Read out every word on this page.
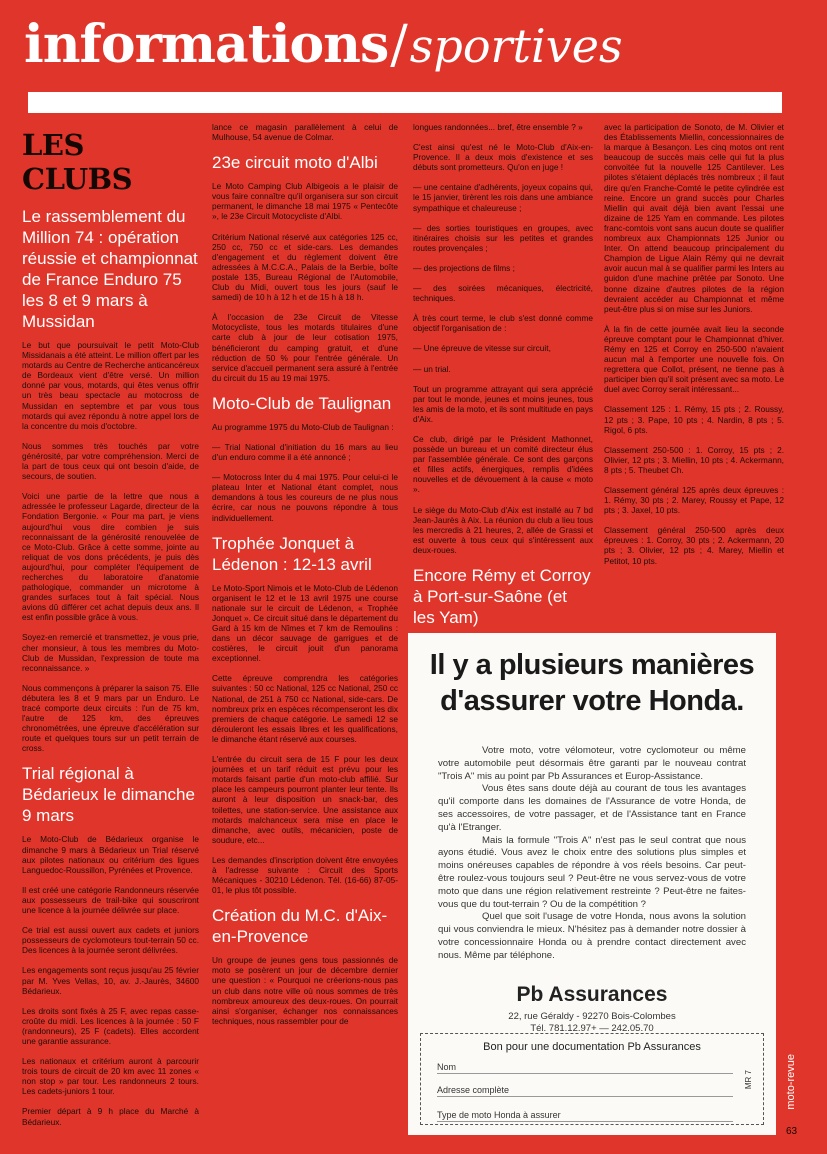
informations/sportives
LES CLUBS
Le rassemblement du Million 74 : opération réussie et championnat de France Enduro 75 les 8 et 9 mars à Mussidan
Le but que poursuivait le petit Moto-Club Missidanais a été atteint. Le million offert par les motards au Centre de Recherche anticancéreux de Bordeaux vient d'être versé. Un million donné par vous, motards, qui êtes venus offrir un très beau spectacle au motocross de Mussidan en septembre et par vous tous motards qui avez répondu à notre appel lors de la concentre du mois d'octobre.
Nous sommes très touchés par votre générosité, par votre compréhension. Merci de la part de tous ceux qui ont besoin d'aide, de secours, de soutien.
Voici une partie de la lettre que nous a adressée le professeur Lagarde, directeur de la Fondation Bergonie. « Pour ma part, je viens aujourd'hui vous dire combien je suis reconnaissant de la générosité renouvelée de ce Moto-Club. Grâce à cette somme, jointe au reliquat de vos dons précédents, je puis dès aujourd'hui, pour compléter l'équipement de recherches du laboratoire d'anatomie pathologique, commander un microtome à grandes surfaces tout à fait spécial. Nous avions dû différer cet achat depuis deux ans. Il est enfin possible grâce à vous.
Soyez-en remercié et transmettez, je vous prie, cher monsieur, à tous les membres du Moto-Club de Mussidan, l'expression de toute ma reconnaissance. »
Nous commençons à préparer la saison 75. Elle débutera les 8 et 9 mars par un Enduro. Le tracé comporte deux circuits : l'un de 75 km, l'autre de 125 km, des épreuves chronométrées, une épreuve d'accélération sur route et quelques tours sur un petit terrain de cross.
Trial régional à Bédarieux le dimanche 9 mars
Le Moto-Club de Bédarieux organise le dimanche 9 mars à Bédarieux un Trial réservé aux pilotes nationaux ou critérium des ligues Languedoc-Roussillon, Pyrénées et Provence.
Il est créé une catégorie Randonneurs réservée aux possesseurs de trail-bike qui souscriront une licence à la journée délivrée sur place.
Ce trial est aussi ouvert aux cadets et juniors possesseurs de cyclomoteurs tout-terrain 50 cc. Des licences à la journée seront délivrées.
Les engagements sont reçus jusqu'au 25 février par M. Yves Vellas, 10, av. J.-Jaurès, 34600 Bédarieux.
Les droits sont fixés à 25 F, avec repas casse-croûte du midi. Les licences à la journée : 50 F (randonneurs), 25 F (cadets). Elles accordent une garantie assurance.
Les nationaux et critérium auront à parcourir trois tours de circuit de 20 km avec 11 zones « non stop » par tour. Les randonneurs 2 tours. Les cadets-juniors 1 tour.
Premier départ à 9 h place du Marché à Bédarieux.
lance ce magasin parallèlement à celui de Mulhouse, 54 avenue de Colmar.
23e circuit moto d'Albi
Le Moto Camping Club Albigeois a le plaisir de vous faire connaître qu'il organisera sur son circuit permanent, le dimanche 18 mai 1975 « Pentecôte », le 23e Circuit Motocycliste d'Albi.
Critérium National réservé aux catégories 125 cc, 250 cc, 750 cc et side-cars. Les demandes d'engagement et du règlement doivent être adressées à M.C.C.A., Palais de la Berbie, boîte postale 135, Bureau Régional de l'Automobile, Club du Midi, ouvert tous les jours (sauf le samedi) de 10 h à 12 h et de 15 h à 18 h.
À l'occasion de 23e Circuit de Vitesse Motocycliste, tous les motards titulaires d'une carte club à jour de leur cotisation 1975, bénéficieront du camping gratuit, et d'une réduction de 50 % pour l'entrée générale. Un service d'accueil permanent sera assuré à l'entrée du circuit du 15 au 19 mai 1975.
Moto-Club de Taulignan
Au programme 1975 du Moto-Club de Taulignan :
— Trial National d'initiation du 16 mars au lieu d'un enduro comme il a été annoncé ;
— Motocross Inter du 4 mai 1975. Pour celui-ci le plateau Inter et National étant complet, nous demandons à tous les coureurs de ne plus nous écrire, car nous ne pouvons répondre à tous individuellement.
Trophée Jonquet à Lédenon : 12-13 avril
Le Moto-Sport Nimois et le Moto-Club de Lédenon organisent le 12 et le 13 avril 1975 une course nationale sur le circuit de Lédenon, « Trophée Jonquet ». Ce circuit situé dans le département du Gard à 15 km de Nîmes et 7 km de Remoulins : dans un décor sauvage de garrigues et de costières, le circuit jouit d'un panorama exceptionnel.
Cette épreuve comprendra les catégories suivantes : 50 cc National, 125 cc National, 250 cc National, de 251 à 750 cc National, side-cars. De nombreux prix en espèces récompenseront les dix premiers de chaque catégorie. Le samedi 12 se dérouleront les essais libres et les qualifications, le dimanche étant réservé aux courses.
L'entrée du circuit sera de 15 F pour les deux journées et un tarif réduit est prévu pour les motards faisant partie d'un moto-club affilié. Sur place les campeurs pourront planter leur tente. Ils auront à leur disposition un snack-bar, des toilettes, une station-service. Une assistance aux motards malchanceux sera mise en place le dimanche, avec outils, mécanicien, poste de soudure, etc...
Les demandes d'inscription doivent être envoyées à l'adresse suivante : Circuit des Sports Mécaniques - 30210 Lédenon. Tél. (16-66) 87-05-01, le plus tôt possible.
Création du M.C. d'Aix-en-Provence
Un groupe de jeunes gens tous passionnés de moto se posèrent un jour de décembre dernier une question : « Pourquoi ne créerions-nous pas un club dans notre ville où nous sommes de très nombreux amoureux des deux-roues. On pourrait ainsi s'organiser, échanger nos connaissances techniques, nous rassembler pour de
longues randonnées... bref, être ensemble ? »
C'est ainsi qu'est né le Moto-Club d'Aix-en-Provence. Il a deux mois d'existence et ses débuts sont prometteurs. Qu'on en juge !
— une centaine d'adhérents, joyeux copains qui, le 15 janvier, tirèrent les rois dans une ambiance sympathique et chaleureuse ;
— des sorties touristiques en groupes, avec itinéraires choisis sur les petites et grandes routes provençales ;
— des projections de films ;
— des soirées mécaniques, électricité, techniques.
À très court terme, le club s'est donné comme objectif l'organisation de :
— Une épreuve de vitesse sur circuit,
— un trial.
Tout un programme attrayant qui sera apprécié par tout le monde, jeunes et moins jeunes, tous les amis de la moto, et ils sont multitude en pays d'Aix.
Ce club, dirigé par le Président Mathonnet, possède un bureau et un comité directeur élus par l'assemblée générale. Ce sont des garçons et filles actifs, énergiques, remplis d'idées nouvelles et de dévouement à la cause « moto ».
Le siège du Moto-Club d'Aix est installé au 7 bd Jean-Jaurès à Aix. La réunion du club a lieu tous les mercredis à 21 heures, 2, allée de Grassi et est ouverte à tous ceux qui s'intéressent aux deux-roues.
Encore Rémy et Corroy à Port-sur-Saône (et les Yam)
avec la participation de Sonoto, de M. Olivier et des Établissements Miellin, concessionnaires de la marque à Besançon. Les cinq motos ont rent beaucoup de succès mais celle qui fut la plus convoitée fut la nouvelle 125 Cantilever. Les pilotes s'étaient déplacés très nombreux ; il faut dire qu'en Franche-Comté le petite cylindrée est reine. Encore un grand succès pour Charles Miellin qui avait déjà bien avant l'essai une dizaine de 125 Yam en commande. Les pilotes franc-comtois vont sans aucun doute se qualifier nombreux aux Championnats 125 Junior ou Inter. On attend beaucoup principalement du Champion de Ligue Alain Rémy qui ne devrait avoir aucun mal à se qualifier parmi les Inters au guidon d'une machine prêtée par Sonoto. Une bonne dizaine d'autres pilotes de la région devraient accéder au Championnat et même peut-être plus si on mise sur les Juniors.
À la fin de cette journée avait lieu la seconde épreuve comptant pour le Championnat d'hiver. Rémy en 125 et Corroy en 250-500 n'avaient aucun mal à l'emporter une nouvelle fois. On regrettera que Collot, présent, ne tienne pas à participer bien qu'il soit présent avec sa moto. Le duel avec Corroy serait intéressant...
Classement 125 : 1. Rémy, 15 pts ; 2. Roussy, 12 pts ; 3. Pape, 10 pts ; 4. Nardin, 8 pts ; 5. Rigol, 6 pts.
Classement 250-500 : 1. Corroy, 15 pts ; 2. Olivier, 12 pts ; 3. Miellin, 10 pts ; 4. Ackermann, 8 pts ; 5. Theubet Ch.
Classement général 125 après deux épreuves : 1. Rémy, 30 pts ; 2. Marey, Roussy et Pape, 12 pts ; 3. Jaxel, 10 pts.
Classement général 250-500 après deux épreuves : 1. Corroy, 30 pts ; 2. Ackermann, 20 pts ; 3. Olivier, 12 pts ; 4. Marey, Miellin et Petitot, 10 pts.
Il y a plusieurs manières
d'assurer votre Honda.

Votre moto, votre vélomoteur, votre cyclomoteur ou même votre automobile peut désormais être garanti par le nouveau contrat "Trois A" mis au point par Pb Assurances et Europ-Assistance.

Vous êtes sans doute déjà au courant de tous les avantages qu'il comporte dans les domaines de l'Assurance de votre Honda, de ses accessoires, de votre passager, et de l'Assistance tant en France qu'à l'Etranger.

Mais la formule "Trois A" n'est pas le seul contrat que nous ayons étudié. Vous avez le choix entre des solutions plus simples et moins onéreuses capables de répondre à vos réels besoins. Car peut-être roulez-vous toujours seul ? Peut-être ne vous servez-vous de votre moto que dans une région relativement restreinte ? Peut-être ne faites-vous que du tout-terrain ? Ou de la compétition ?

Quel que soit l'usage de votre Honda, nous avons la solution qui vous conviendra le mieux. N'hésitez pas à demander notre dossier à votre concessionnaire Honda ou à prendre contact directement avec nous. Même par téléphone.

Pb Assurances
22, rue Géraldy - 92270 Bois-Colombes
Tél. 781.12.97+ — 242.05.70
Bon pour une documentation Pb Assurances
Nom
Adresse complète
Type de moto Honda à assurer
MR 7	moto-revue
63
